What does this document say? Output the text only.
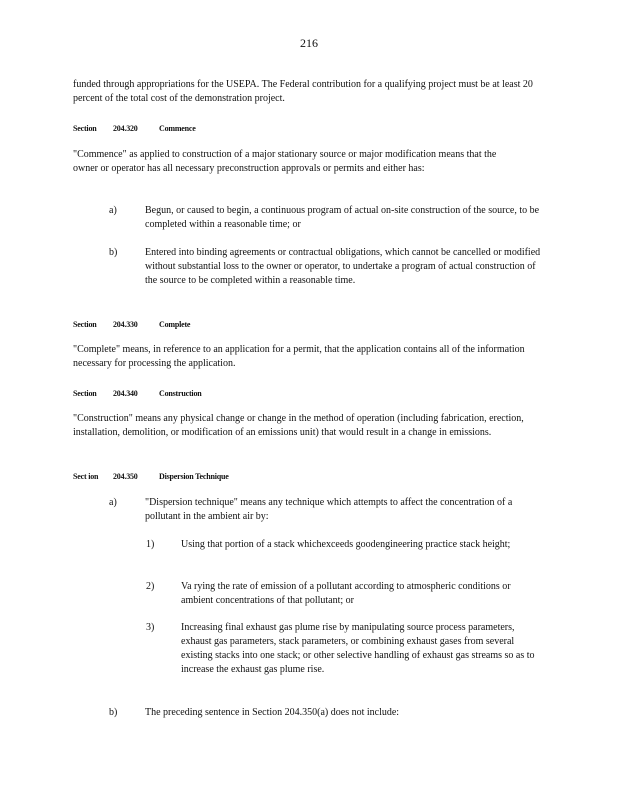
216

funded through appropriations for the USEPA. The Federal contribution for a qualifying project must be at least 20 percent of the total cost of the demonstration project.

Section 204.320	Commence

"Commence" as applied to construction of a major stationary source or major modification means that the owner or operator has all necessary preconstruction approvals or permits and either has:

a)	Begun, or caused to begin, a continuous program of actual on-site construction of the source, to be completed within a reasonable time; or

b)	Entered into binding agreements or contractual obligations, which cannot be cancelled or modified without substantial loss to the owner or operator, to undertake a program of actual construction of the source to be completed within a reasonable time.

Section 204.330	Complete

"Complete" means, in reference to an application for a permit, that the application contains all of the information necessary for processing the application.

Section 204.340	Construction

"Construction" means any physical change or change in the method of operation (including fabrication, erection, installation, demolition, or modification of an emissions unit) that would result in a change in emissions.

Sect ion 204.350	Dispersion Technique
a)	"Dispersion technique" means any technique which attempts to affect the concentration of a pollutant in the ambient air by:

1)	Using that portion of a stack whichexceeds goodengineering practice stack height;

2)	Va rying the rate of emission of a pollutant according to atmospheric conditions or ambient concentrations of that pollutant; or

3)	Increasing final exhaust gas plume rise by manipulating source process parameters, exhaust gas parameters, stack parameters, or combining exhaust gases from several existing stacks into one stack; or other selective handling of exhaust gas streams so as to increase the exhaust gas plume rise.

b)	The preceding sentence in Section 204.350(a) does not include:
